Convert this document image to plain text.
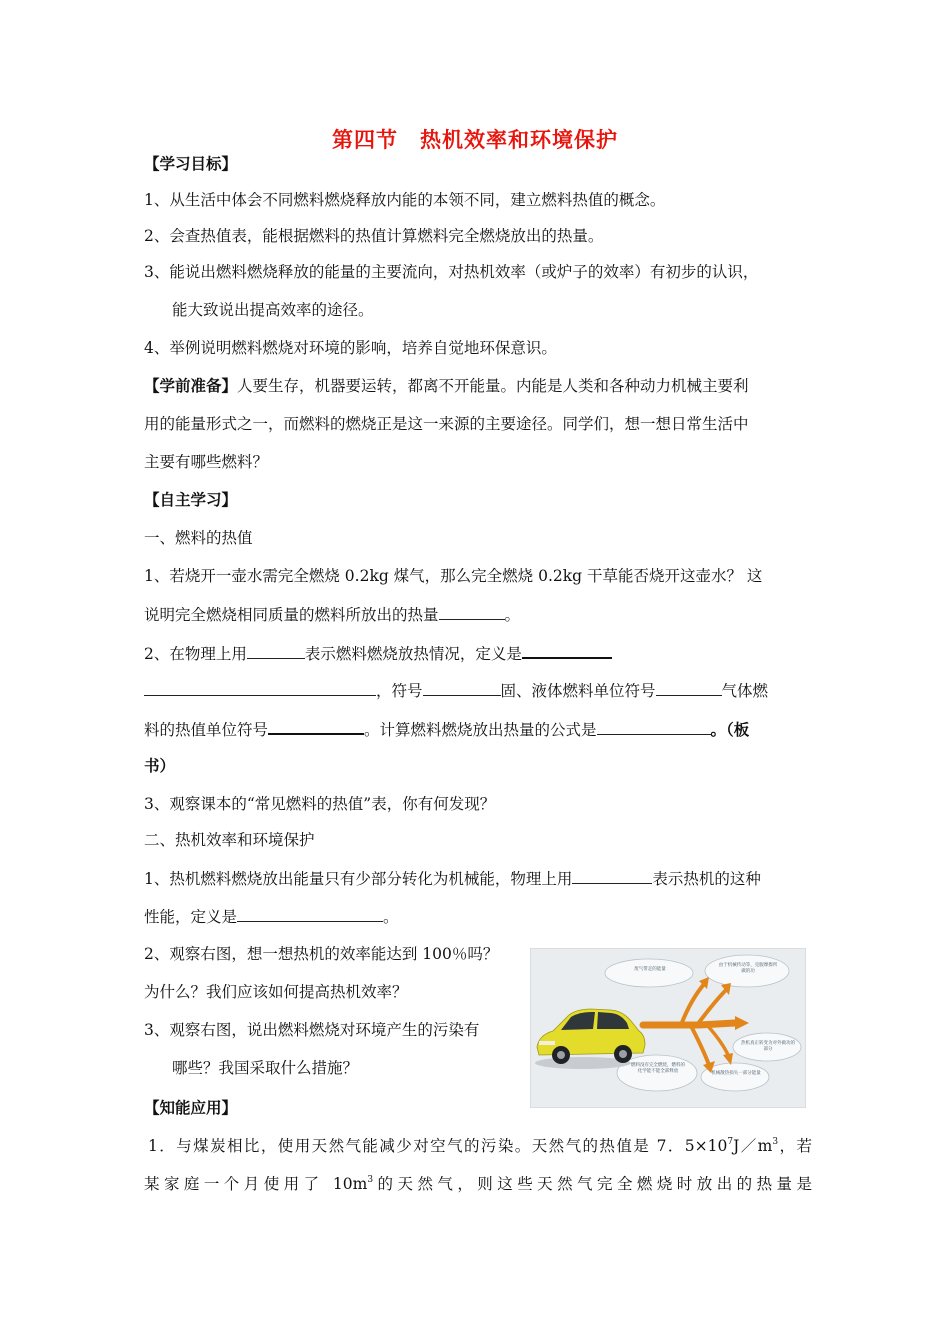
第四节　热机效率和环境保护
【学习目标】
1、从生活中体会不同燃料燃烧释放内能的本领不同，建立燃料热值的概念。
2、会查热值表，能根据燃料的热值计算燃料完全燃烧放出的热量。
3、能说出燃料燃烧释放的能量的主要流向，对热机效率（或炉子的效率）有初步的认识，
能大致说出提高效率的途径。
4、举例说明燃料燃烧对环境的影响，培养自觉地环保意识。
【学前准备】人要生存，机器要运转，都离不开能量。内能是人类和各种动力机械主要利
用的能量形式之一，而燃料的燃烧正是这一来源的主要途径。同学们，想一想日常生活中
主要有哪些燃料？
【自主学习】
一、燃料的热值
1、若烧开一壶水需完全燃烧 0.2kg 煤气，那么完全燃烧 0.2kg 干草能否烧开这壶水？ 这
说明完全燃烧相同质量的燃料所放出的热量	。
2、在物理上用	表示燃料燃烧放热情况，定义是
，符号	固、液体燃料单位符号	气体燃
料的热值单位符号	。计算燃料燃烧放出热量的公式是	。（板
书）
3、观察课本的“常见燃料的热值”表，你有何发现？
二、热机效率和环境保护
1、热机燃料燃烧放出能量只有少部分转化为机械能，物理上用	表示热机的这种
性能，定义是	。
2、观察右图，想一想热机的效率能达到 100％吗？
为什么？我们应该如何提高热机效率？
3、观察右图，说出燃料燃烧对环境产生的污染有
哪些？我国采取什么措施？
废气带走的能量
由于机械传动等，克服摩擦所做的功
热机真正转变为对外做功的部分
燃料没有完全燃烧，燃料的化学能不能全部释放	机械散热损失一部分能量
【知能应用】
1．与煤炭相比，使用天然气能减少对空气的污染。天然气的热值是 7．$5\times 10^7J/m^3$，若
某家庭一个月使用了 $10m^3$的天然气，则这些天然气完全燃烧时放出的热量是
